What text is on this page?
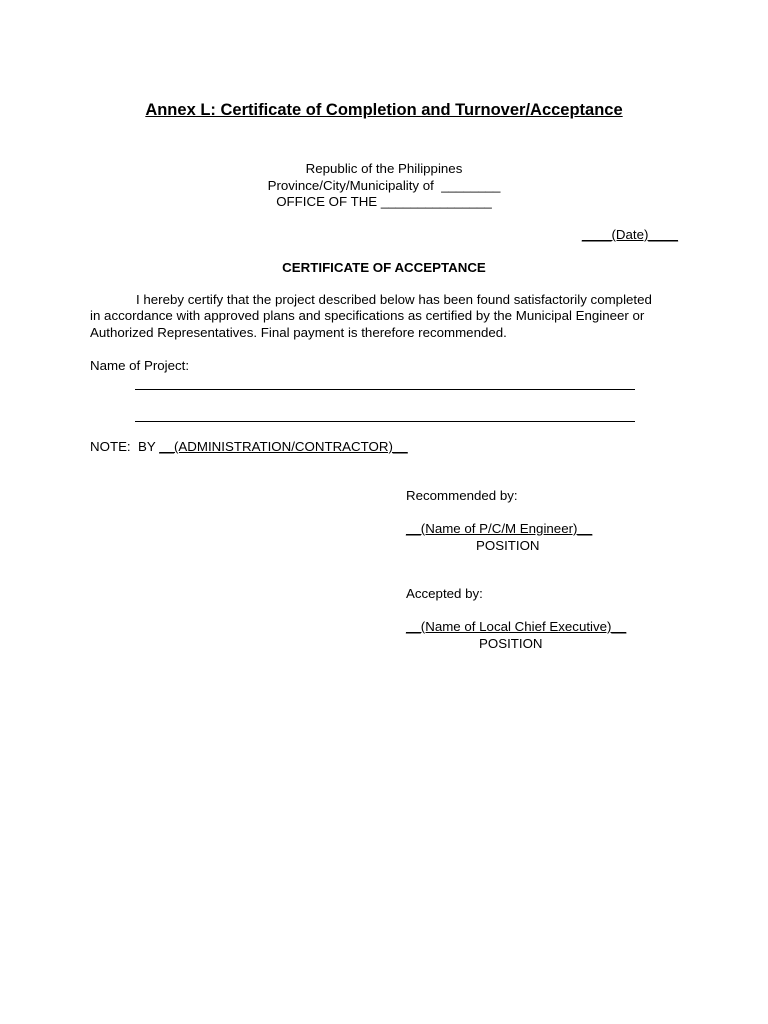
Annex L: Certificate of Completion and Turnover/Acceptance
Republic of the Philippines
Province/City/Municipality of  ________
OFFICE OF THE _______________
____(Date)____
CERTIFICATE OF ACCEPTANCE
I hereby certify that the project described below has been found satisfactorily completed
in accordance with approved plans and specifications as certified by the Municipal Engineer or
Authorized Representatives. Final payment is therefore recommended.
Name of Project:
NOTE:  BY __(ADMINISTRATION/CONTRACTOR)__
Recommended by:
__(Name of P/C/M Engineer)__
POSITION
Accepted by:
__(Name of Local Chief Executive)__
POSITION
